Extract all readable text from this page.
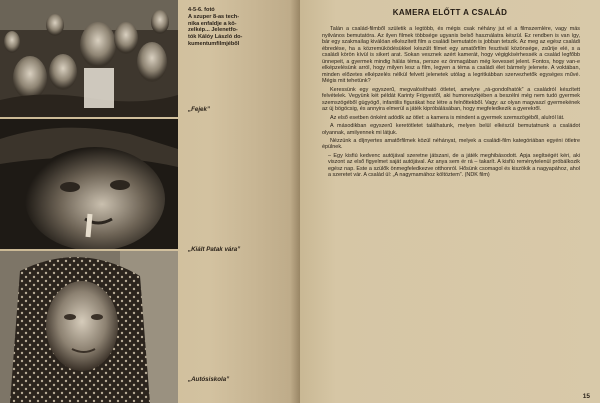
4-5-6. fotó
A szuper 8-as tech-
nika enfaldje a kö-
zelkép... Jelenetfo-
tók Kálóy László do-
kumentumfilmjéből
„Fejek”
„Kiált Patak vára”
„Autósiskola”
KAMERA ELŐTT A CSALÁD

Talán a család-filmből születik a legtöbb, és mégis csak néhány jut el a filmszemlére, vagy más nyilvános bemutatóra. Az ilyen filmek többsége ugyanis belső használatra készül. Ez rendben is van így, bár egy szakmailag kiválóan elkészített film a családi bemutatón is jobban tetszik. Az meg az egész családi ébredése, ha a közremüködésükkel készült filmet egy amatőrfilm fesztivál közönsége, zsűrije elé, s a családi körön kívül is sikert arat. Sokan vesznek azért kamerát, hogy végigkísérhessék a család legfőbb ünnepeit, a gyermek mindig hálás téma, persze ez önmagában még kevesset jelent. Fontos, hogy van-e elképzelésünk arról, hogy milyen lesz a film, legyen a téma a családi élet bármely jelenete. A voktában, minden előzetes elképzelés nélkül felvett jelenetek utólag a legritkábban szervezhetők egységes művé. Mégis mit tehetünk?

Keressünk egy egyszerű, megvalósítható ötletet, amelyre „rá-gondolhatók” a családról készített felvételek. Vegyünk két példát Karinty Frigyestől, aki humoreszkjében a beszélni még nem tudó gyermek szemszögéből gügyögő, infantilis figurákat hoz létre a felnőttekből. Vagy: az olyan magvaszí gyermekének az új bögöcsig, és annyira elmerül a játék kipróbálásában, hogy megfeledkezik a gyerekről.

Az első esetben önként adódik az ötlet: a kamera is mindent a gyermek szemszögéből, alulról lát.

A másodikban egyszerű keretötletet találhatunk, melyen belül elkészül bemutatnunk a családot olyannak, amilyennek mi látjuk.

Nézzünk a díjnyertes amatőrfilmek közül néhányat, melyek a családi-film kategóriában egyéni ötletre épülnek.

– Egy kisfiú kedvenc autójával szeretne játszani, de a játék meghibásodott. Apja segítségét kéri, aki viszont az első figyelmet saját autójával. Az anya sem ér rá – takarít. A kisfiú reménytelenül próbálkozik egész nap. Este a szülők önmegfeledkezve otthonról. Hősünk csomagol és kiszökik a nagyapához, ahol a szeretet vár. A család ül: „A nagymamához költöztem”. (NDK film)

15
